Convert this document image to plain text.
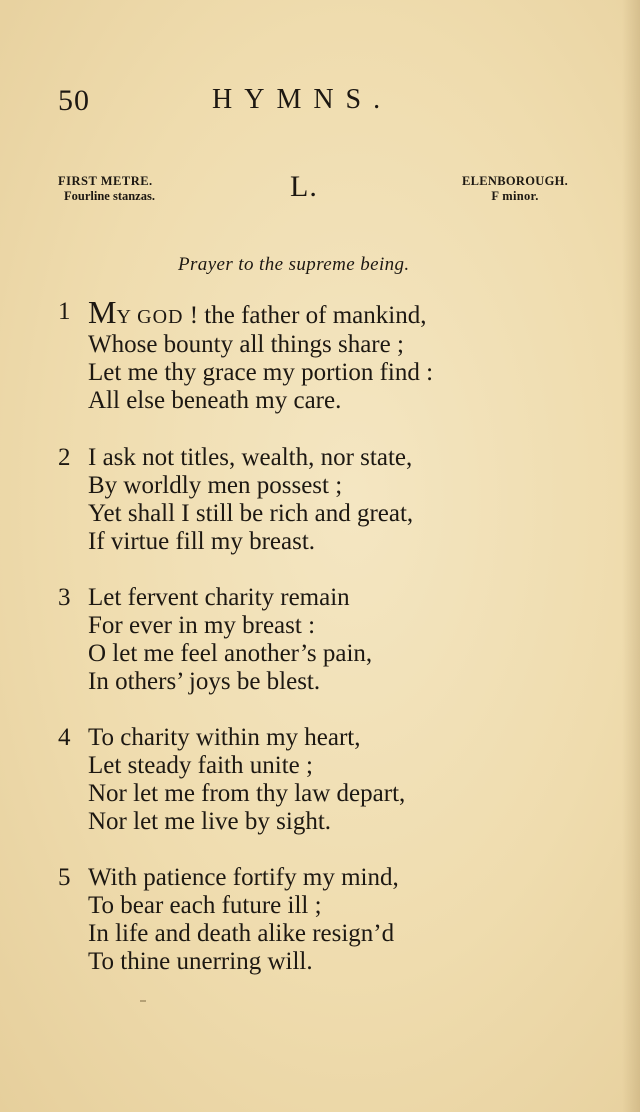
50	HYMNS.
FIRST METRE.
Fourline stanzas.	L.	ELENBOROUGH.
F minor.
Prayer to the supreme being.
1 MY GOD ! the father of mankind,
Whose bounty all things share ;
Let me thy grace my portion find :
All else beneath my care.
2 I ask not titles, wealth, nor state,
By worldly men possest ;
Yet shall I still be rich and great,
If virtue fill my breast.
3 Let fervent charity remain
For ever in my breast :
O let me feel another’s pain,
In others’ joys be blest.
4 To charity within my heart,
Let steady faith unite ;
Nor let me from thy law depart,
Nor let me live by sight.
5 With patience fortify my mind,
To bear each future ill ;
In life and death alike resign’d
To thine unerring will.
